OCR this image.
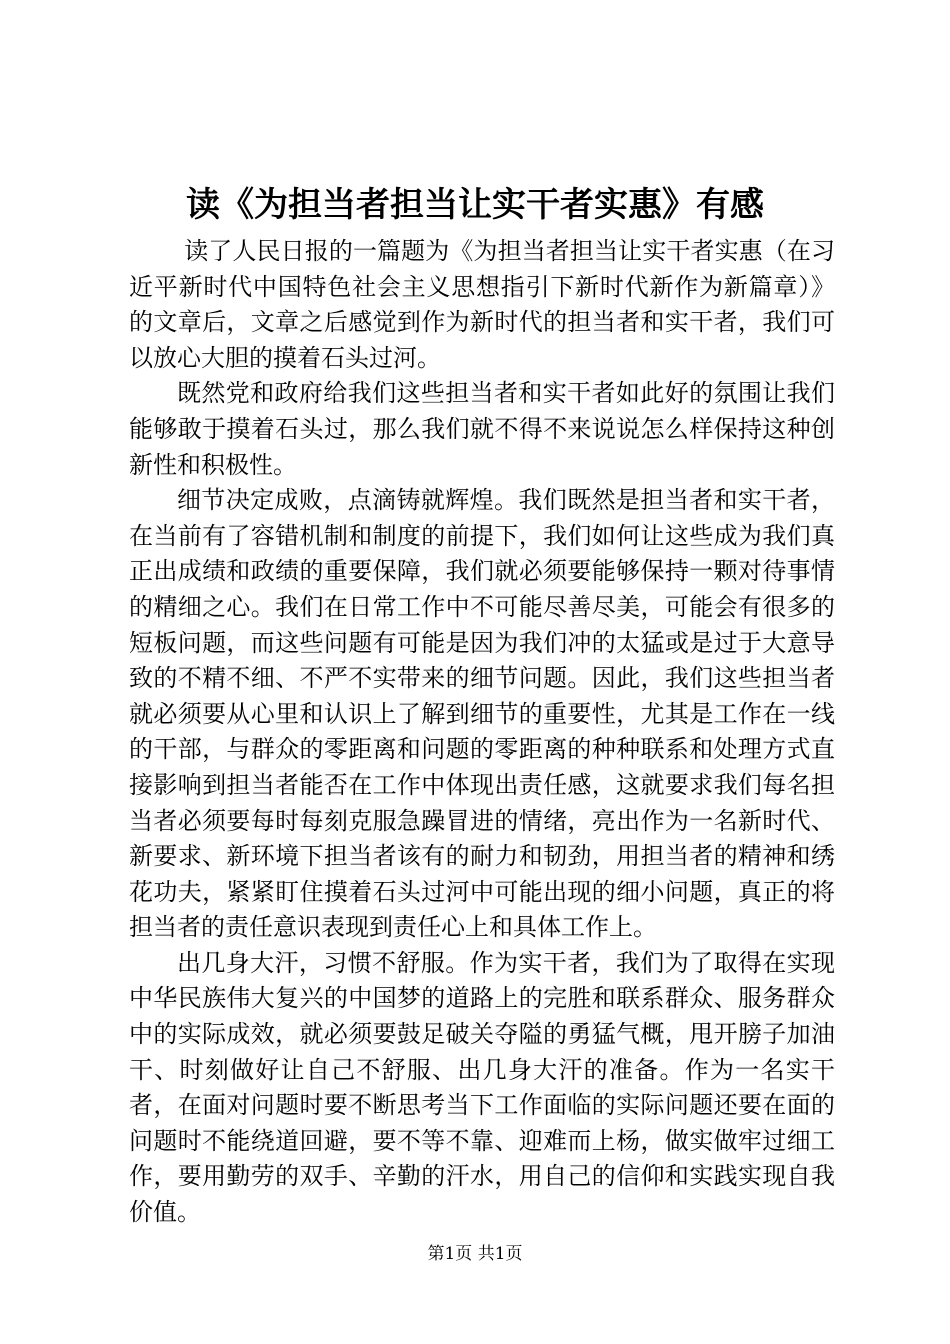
读《为担当者担当让实干者实惠》有感

读了人民日报的一篇题为《为担当者担当让实干者实惠（在习近平新时代中国特色社会主义思想指引下新时代新作为新篇章）》的文章后，文章之后感觉到作为新时代的担当者和实干者，我们可以放心大胆的摸着石头过河。

既然党和政府给我们这些担当者和实干者如此好的氛围让我们能够敢于摸着石头过，那么我们就不得不来说说怎么样保持这种创新性和积极性。

细节决定成败，点滴铸就辉煌。我们既然是担当者和实干者，在当前有了容错机制和制度的前提下，我们如何让这些成为我们真正出成绩和政绩的重要保障，我们就必须要能够保持一颗对待事情的精细之心。我们在日常工作中不可能尽善尽美，可能会有很多的短板问题，而这些问题有可能是因为我们冲的太猛或是过于大意导致的不精不细、不严不实带来的细节问题。因此，我们这些担当者就必须要从心里和认识上了解到细节的重要性，尤其是工作在一线的干部，与群众的零距离和问题的零距离的种种联系和处理方式直接影响到担当者能否在工作中体现出责任感，这就要求我们每名担当者必须要每时每刻克服急躁冒进的情绪，亮出作为一名新时代、新要求、新环境下担当者该有的耐力和韧劲，用担当者的精神和绣花功夫，紧紧盯住摸着石头过河中可能出现的细小问题，真正的将担当者的责任意识表现到责任心上和具体工作上。

出几身大汗，习惯不舒服。作为实干者，我们为了取得在实现中华民族伟大复兴的中国梦的道路上的完胜和联系群众、服务群众中的实际成效，就必须要鼓足破关夺隘的勇猛气概，甩开膀子加油干、时刻做好让自己不舒服、出几身大汗的准备。作为一名实干者，在面对问题时要不断思考当下工作面临的实际问题还要在面的问题时不能绕道回避，要不等不靠、迎难而上杨，做实做牢过细工作，要用勤劳的双手、辛勤的汗水，用自己的信仰和实践实现自我价值。

第1页 共1页
